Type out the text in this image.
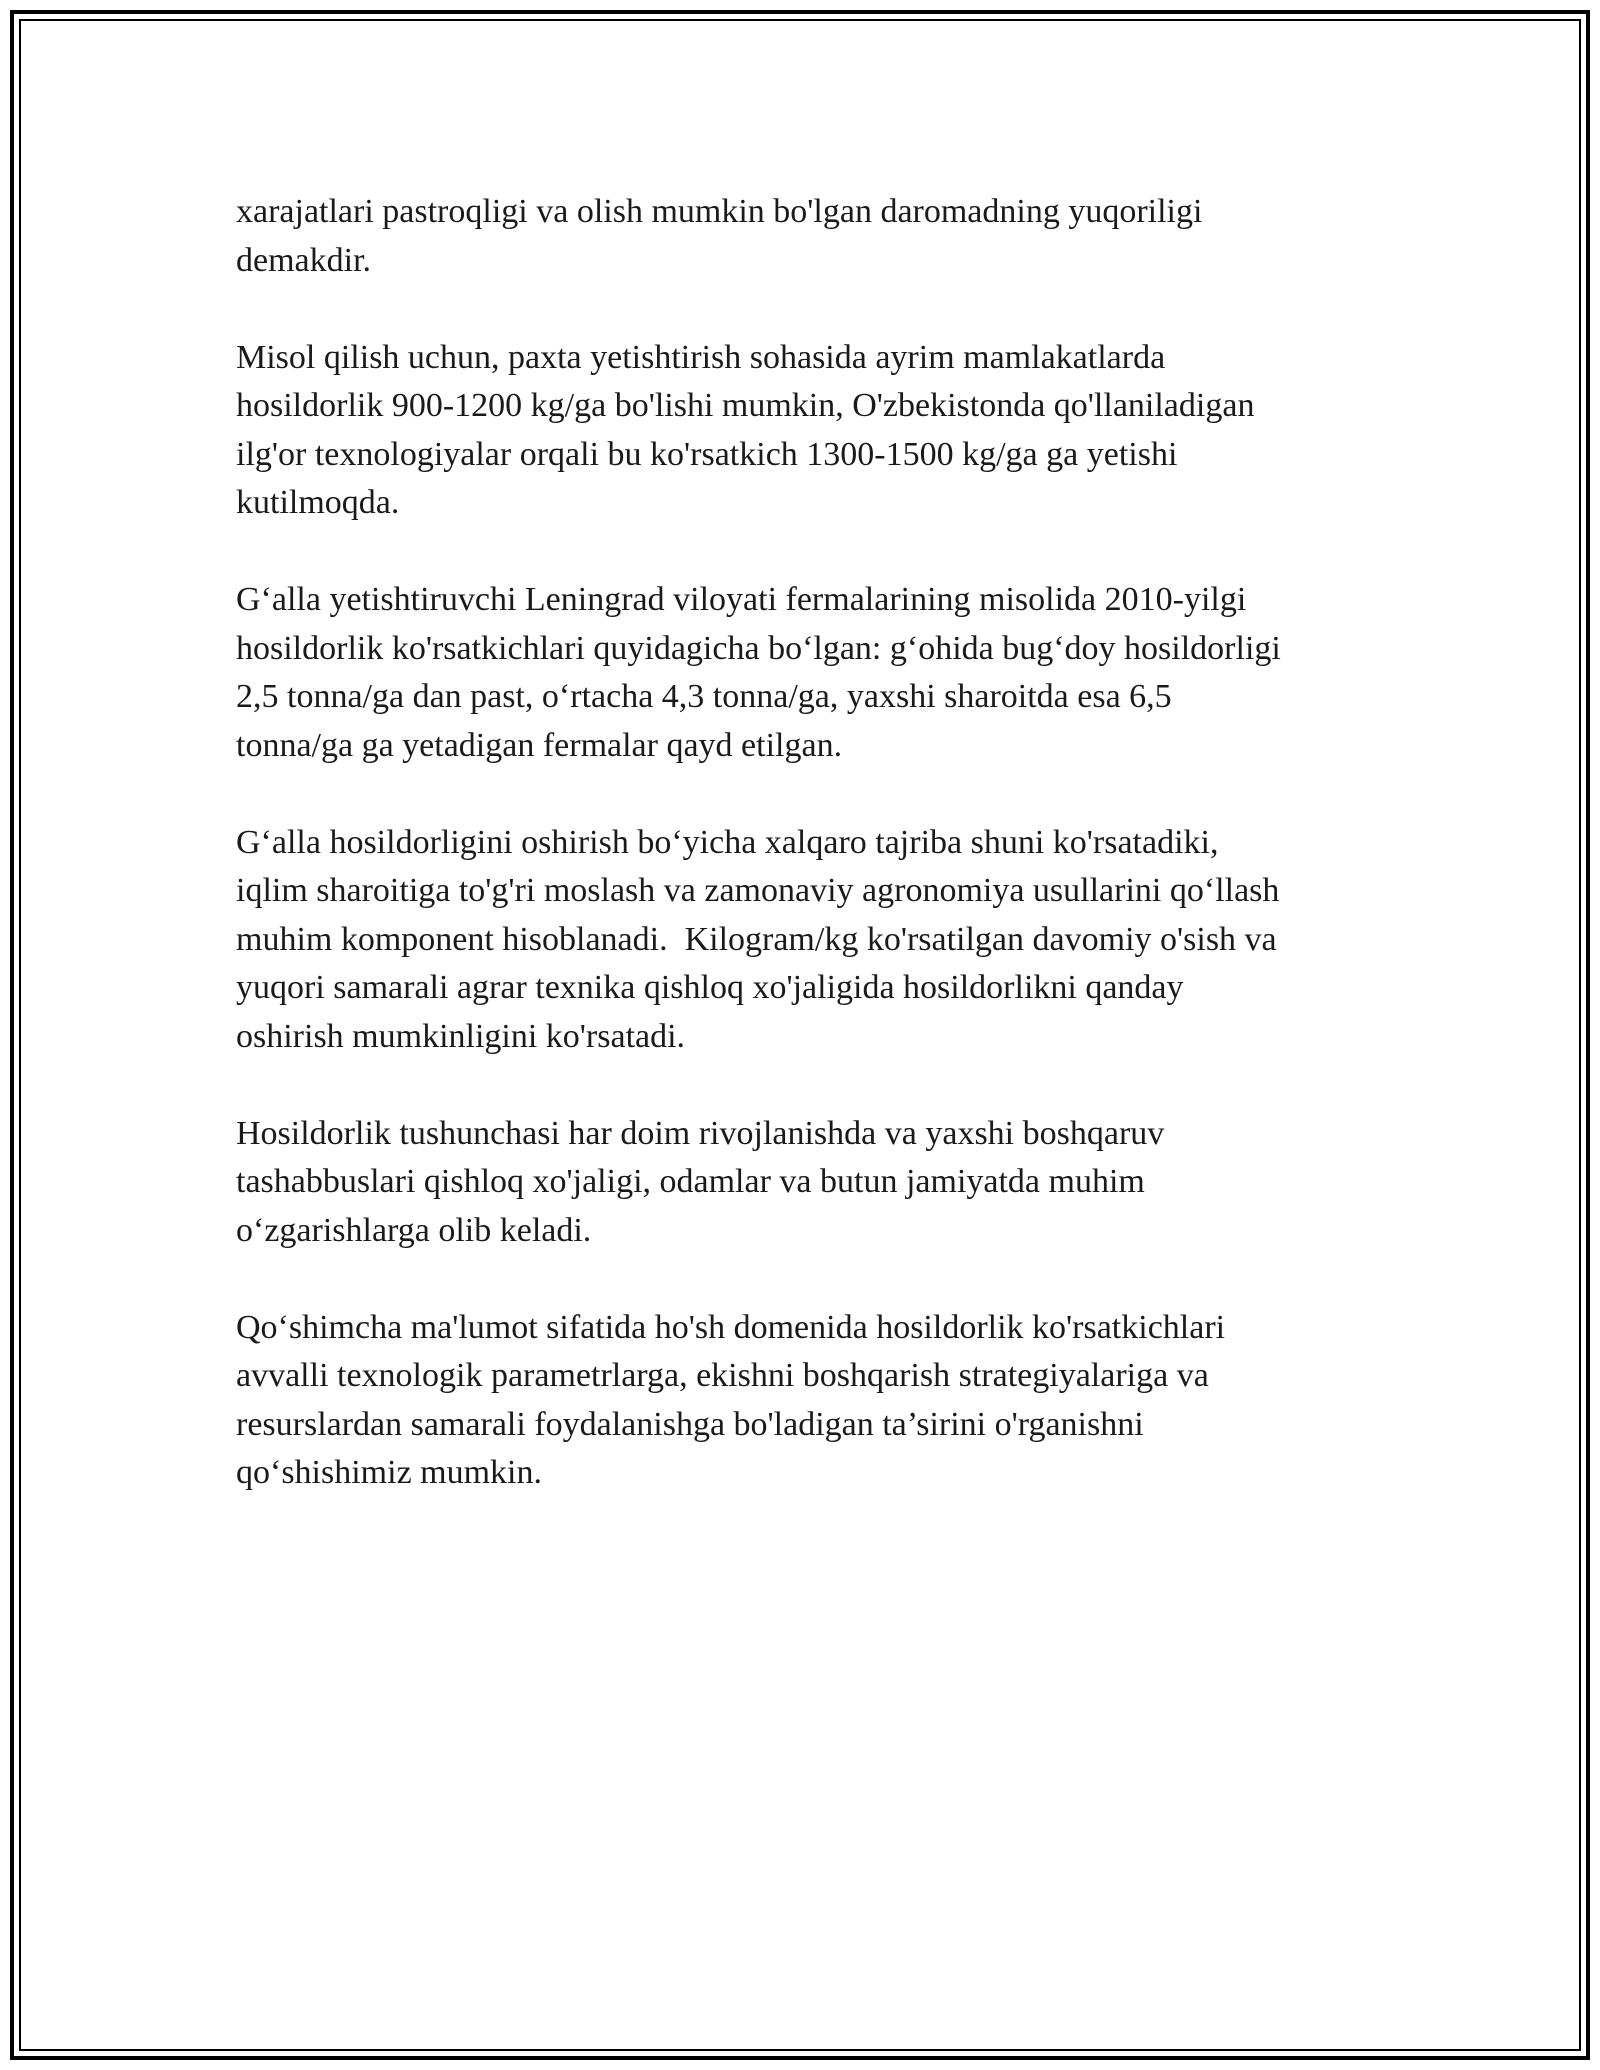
xarajatlari pastroqligi va olish mumkin bo'lgan daromadning yuqoriligi
demakdir.

Misol qilish uchun, paxta yetishtirish sohasida ayrim mamlakatlarda
hosildorlik 900-1200 kg/ga bo'lishi mumkin, O'zbekistonda qo'llaniladigan
ilg'or texnologiyalar orqali bu ko'rsatkich 1300-1500 kg/ga ga yetishi
kutilmoqda.

G‘alla yetishtiruvchi Leningrad viloyati fermalarining misolida 2010-yilgi
hosildorlik ko'rsatkichlari quyidagicha bo‘lgan: g‘ohida bug‘doy hosildorligi
2,5 tonna/ga dan past, o‘rtacha 4,3 tonna/ga, yaxshi sharoitda esa 6,5
tonna/ga ga yetadigan fermalar qayd etilgan.

G‘alla hosildorligini oshirish bo‘yicha xalqaro tajriba shuni ko'rsatadiki,
iqlim sharoitiga to'g'ri moslash va zamonaviy agronomiya usullarini qo‘llash
muhim komponent hisoblanadi.  Kilogram/kg ko'rsatilgan davomiy o'sish va
yuqori samarali agrar texnika qishloq xo'jaligida hosildorlikni qanday
oshirish mumkinligini ko'rsatadi.

Hosildorlik tushunchasi har doim rivojlanishda va yaxshi boshqaruv
tashabbuslari qishloq xo'jaligi, odamlar va butun jamiyatda muhim
o‘zgarishlarga olib keladi.

Qo‘shimcha ma'lumot sifatida ho'sh domenida hosildorlik ko'rsatkichlari
avvalli texnologik parametrlarga, ekishni boshqarish strategiyalariga va
resurslardan samarali foydalanishga bo'ladigan ta’sirini o'rganishni
qo‘shishimiz mumkin.
